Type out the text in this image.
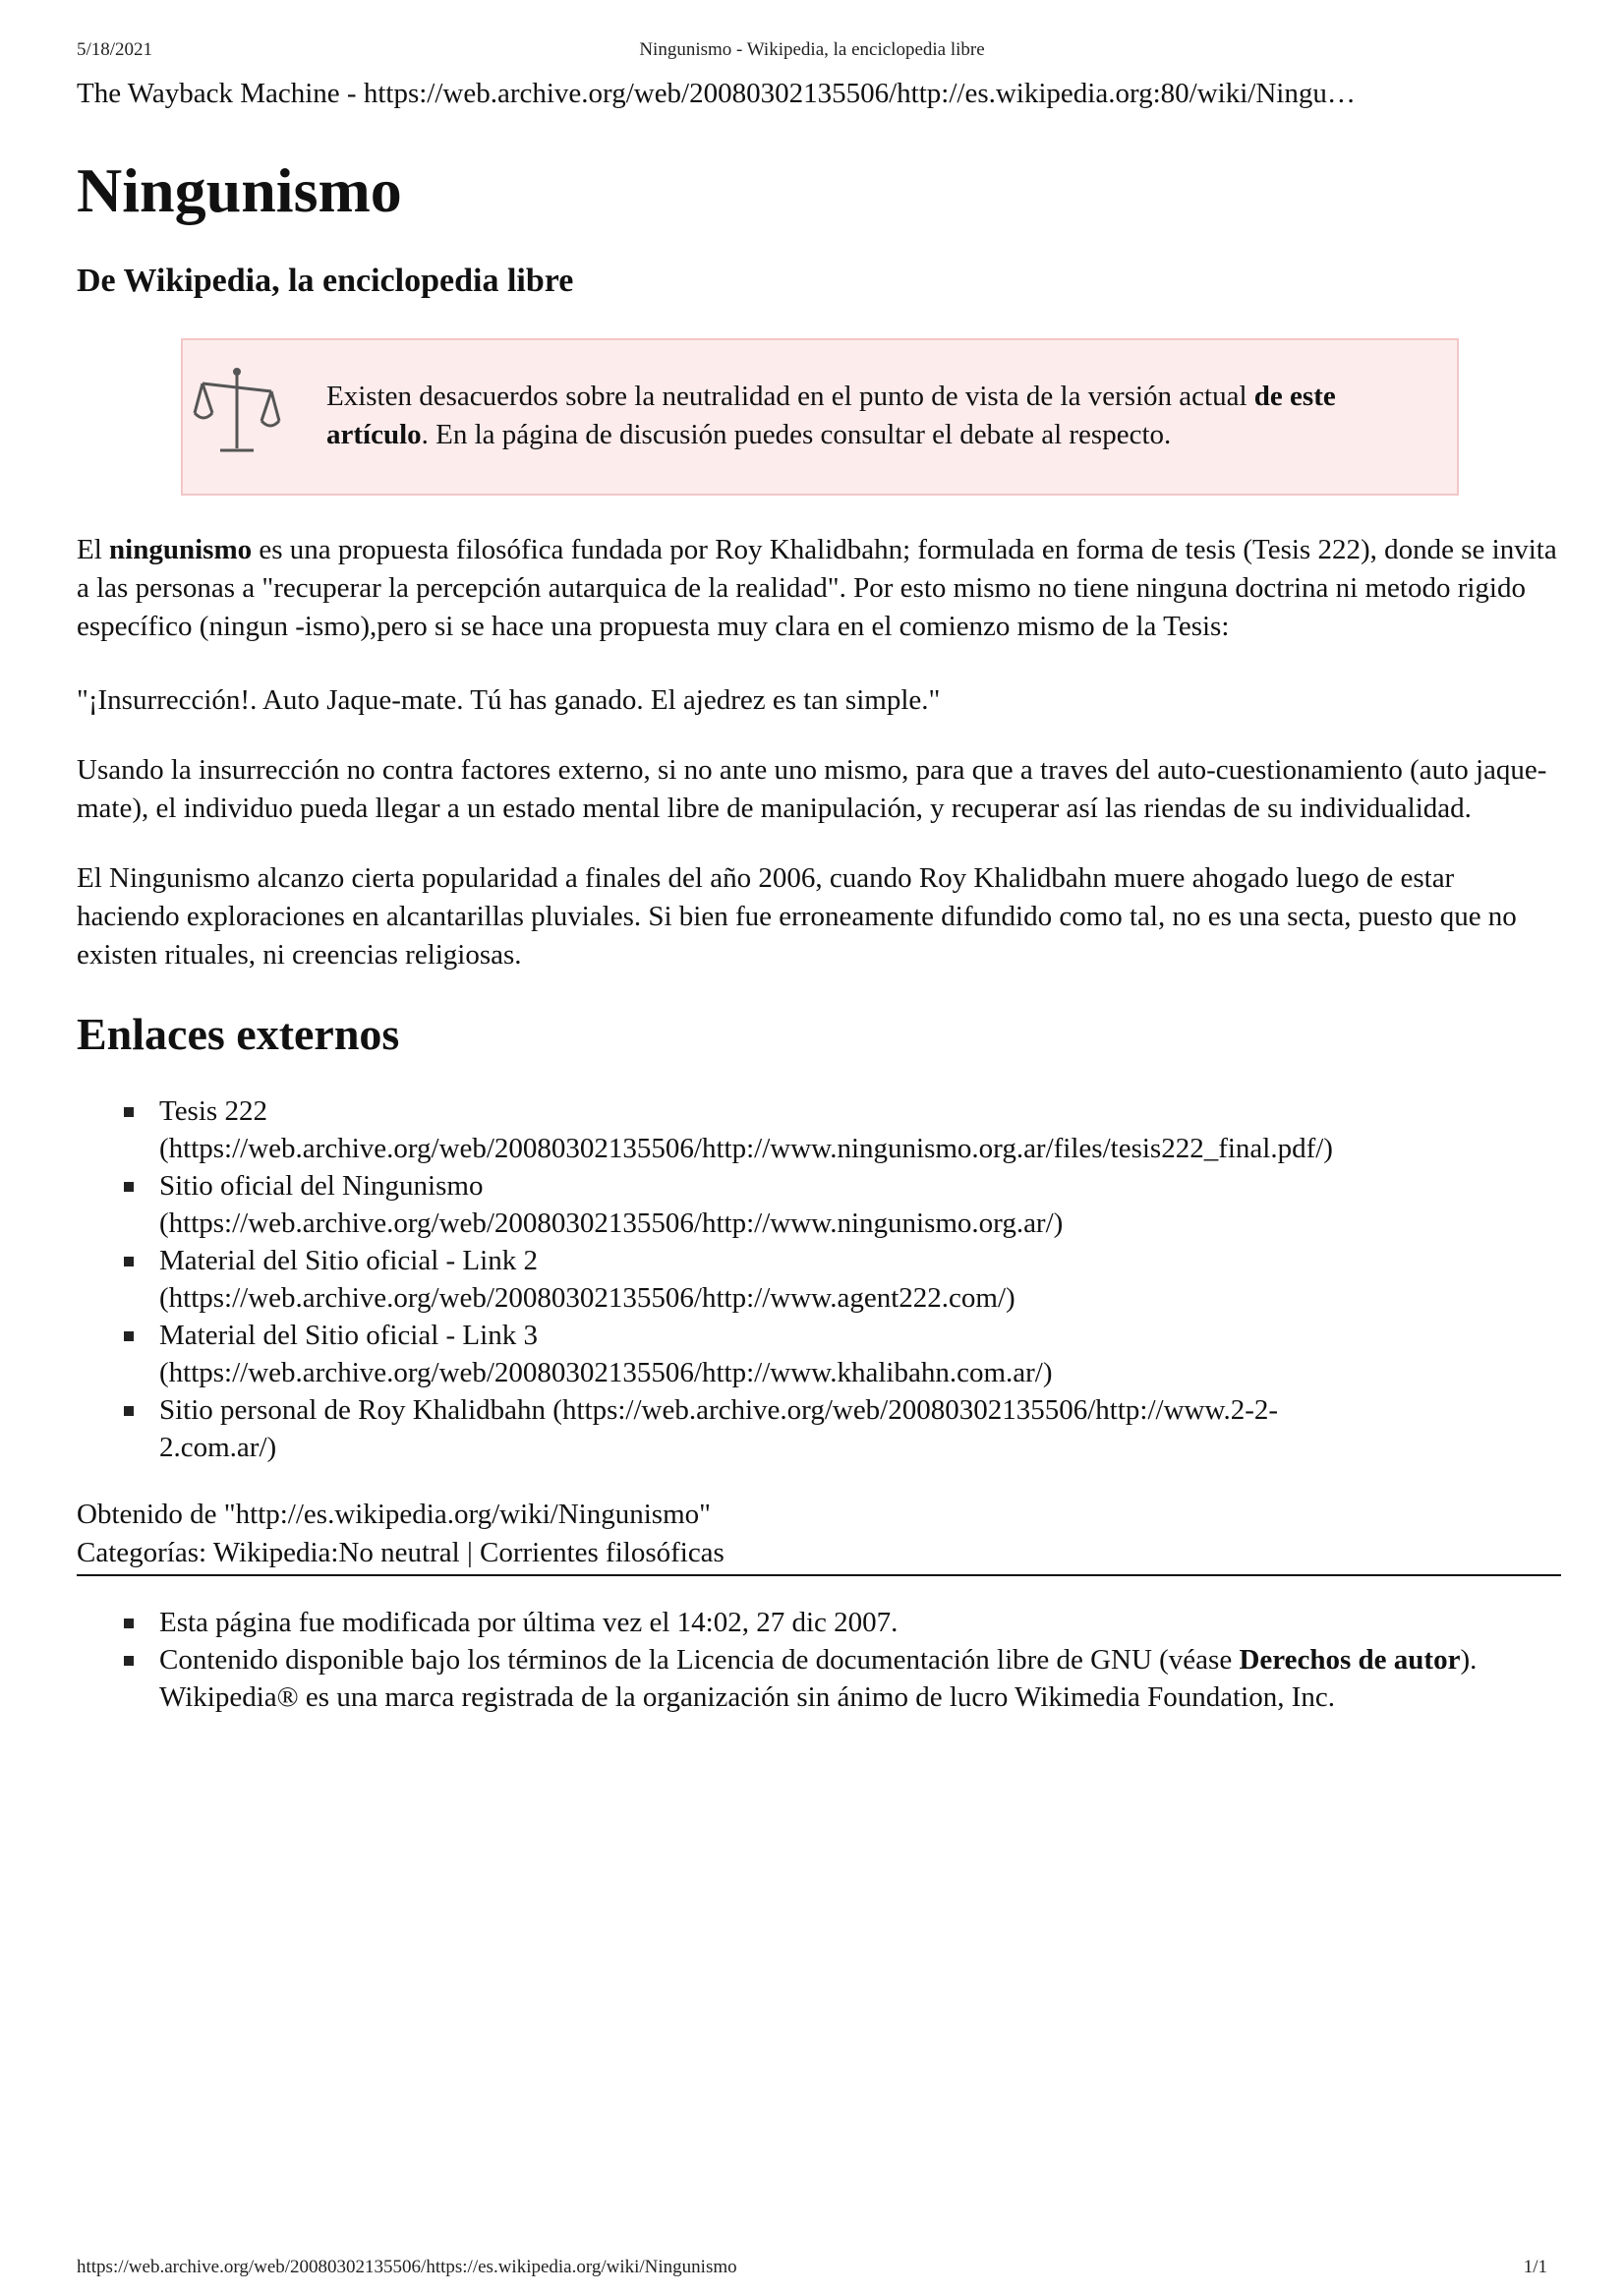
Ningunismo - Wikipedia, la enciclopedia libre
5/18/2021
The Wayback Machine - https://web.archive.org/web/20080302135506/http://es.wikipedia.org:80/wiki/Ningu…
Ningunismo
De Wikipedia, la enciclopedia libre
Existen desacuerdos sobre la neutralidad en el punto de vista de la versión actual de este artículo. En la página de discusión puedes consultar el debate al respecto.

El ningunismo es una propuesta filosófica fundada por Roy Khalidbahn; formulada en forma de tesis (Tesis 222), donde se invita a las personas a "recuperar la percepción autarquica de la realidad". Por esto mismo no tiene ninguna doctrina ni metodo rigido específico (ningun -ismo),pero si se hace una propuesta muy clara en el comienzo mismo de la Tesis:

"¡Insurrección!. Auto Jaque-mate. Tú has ganado. El ajedrez es tan simple."

Usando la insurrección no contra factores externo, si no ante uno mismo, para que a traves del auto-cuestionamiento (auto jaque-mate), el individuo pueda llegar a un estado mental libre de manipulación, y recuperar así las riendas de su individualidad.

El Ningunismo alcanzo cierta popularidad a finales del año 2006, cuando Roy Khalidbahn muere ahogado luego de estar haciendo exploraciones en alcantarillas pluviales. Si bien fue erroneamente difundido como tal, no es una secta, puesto que no existen rituales, ni creencias religiosas.

Enlaces externos
Tesis 222
(https://web.archive.org/web/20080302135506/http://www.ningunismo.org.ar/files/tesis222_final.pdf/)
Sitio oficial del Ningunismo
(https://web.archive.org/web/20080302135506/http://www.ningunismo.org.ar/)
Material del Sitio oficial - Link 2
(https://web.archive.org/web/20080302135506/http://www.agent222.com/)
Material del Sitio oficial - Link 3
(https://web.archive.org/web/20080302135506/http://www.khalibahn.com.ar/)
Sitio personal de Roy Khalidbahn (https://web.archive.org/web/20080302135506/http://www.2-2-
2.com.ar/)

Obtenido de "http://es.wikipedia.org/wiki/Ningunismo"

Categorías: Wikipedia:No neutral | Corrientes filosóficas

Esta página fue modificada por última vez el 14:02, 27 dic 2007.
Contenido disponible bajo los términos de la Licencia de documentación libre de GNU (véase Derechos de autor).
Wikipedia® es una marca registrada de la organización sin ánimo de lucro Wikimedia Foundation, Inc.
https://web.archive.org/web/20080302135506/https://es.wikipedia.org/wiki/Ningunismo	1/1
